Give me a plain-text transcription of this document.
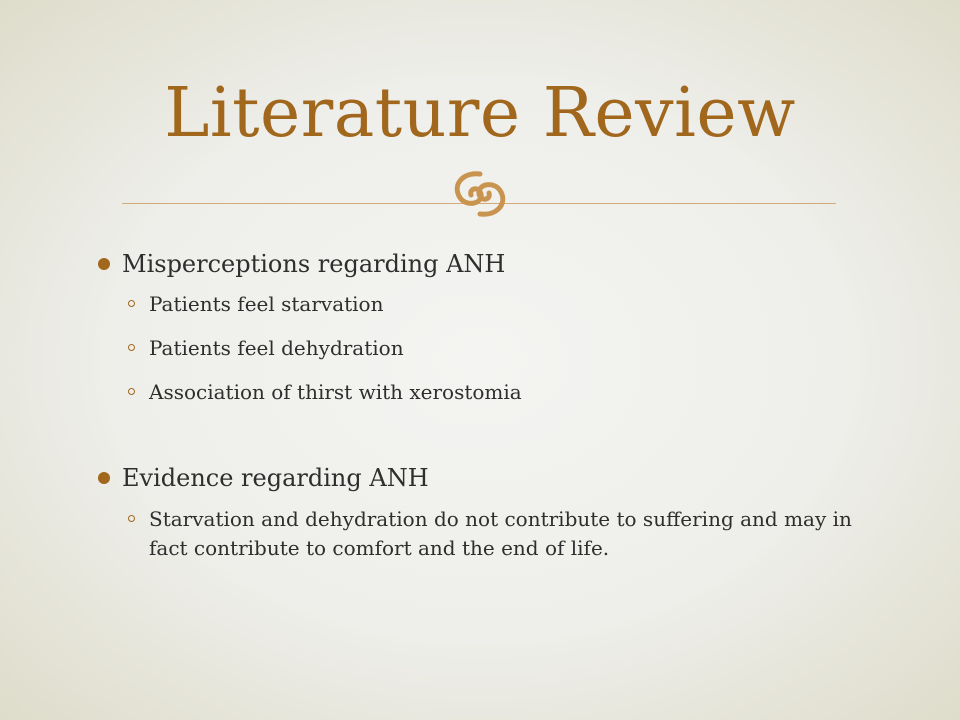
Literature Review
Misperceptions regarding ANH
Patients feel starvation
Patients feel dehydration
Association of thirst with xerostomia
Evidence regarding ANH
Starvation and dehydration do not contribute to suffering and may in fact contribute to comfort and the end of life.
